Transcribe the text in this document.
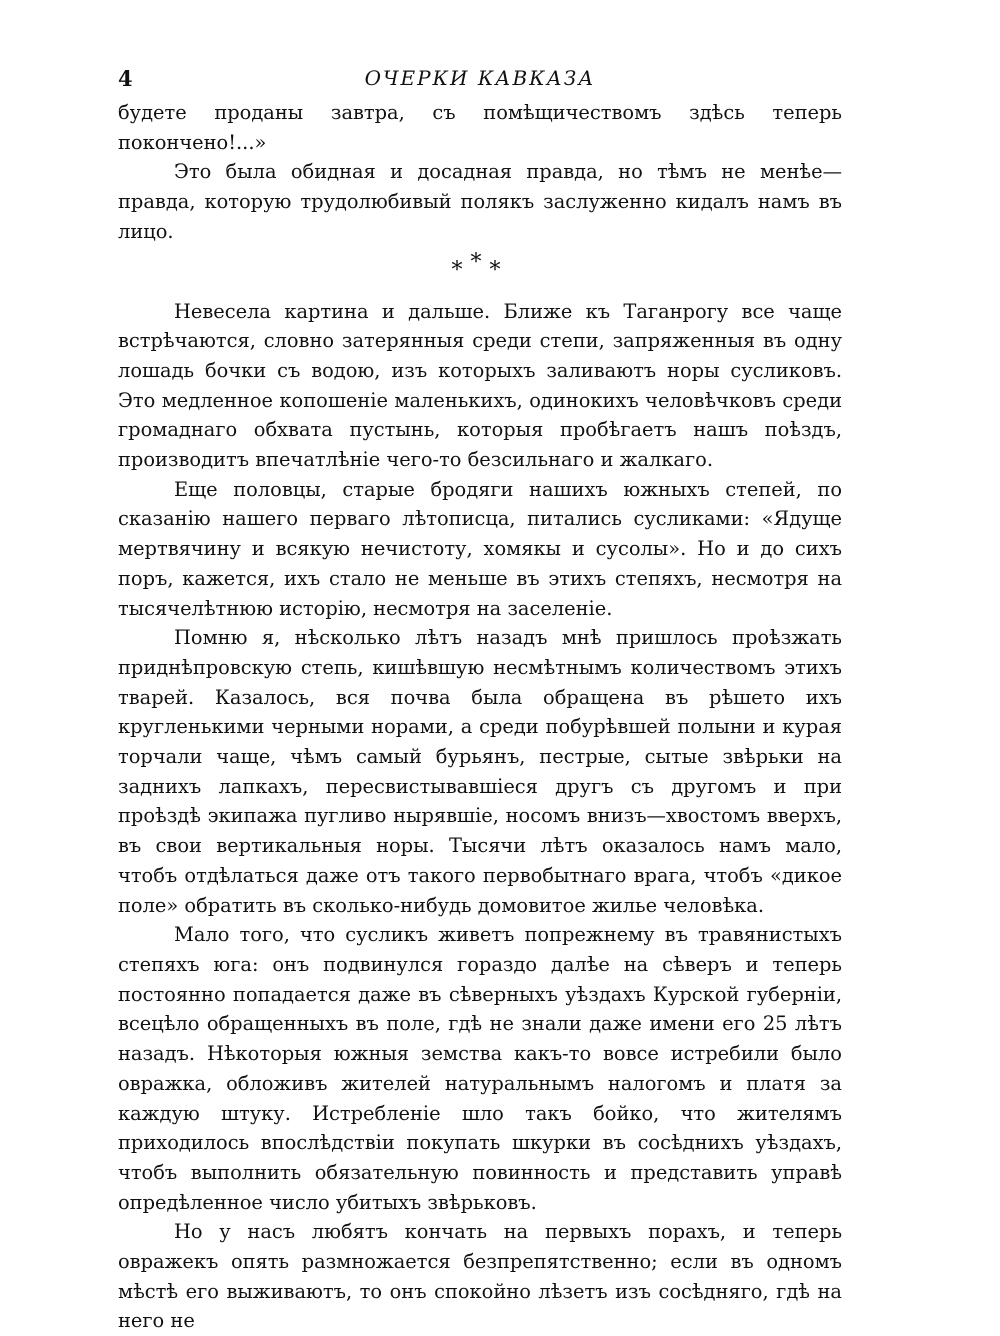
4	ОЧЕРКИ КАВКАЗА

будете проданы завтра, съ помѣщичествомъ здѣсь теперь покончено!...»

Это была обидная и досадная правда, но тѣмъ не менѣе—правда, которую трудолюбивый полякъ заслуженно кидалъ намъ въ лицо.

***

Невесела картина и дальше. Ближе къ Таганрогу все чаще встрѣчаются, словно затерянныя среди степи, запряженныя въ одну лошадь бочки съ водою, изъ которыхъ заливаютъ норы сусликовъ. Это медленное копошеніе маленькихъ, одинокихъ человѣчковъ среди громаднаго обхвата пустынь, которыя пробѣгаетъ нашъ поѣздъ, производитъ впечатлѣніе чего-то безсильнаго и жалкаго.

Еще половцы, старые бродяги нашихъ южныхъ степей, по сказанію нашего перваго лѣтописца, питались сусликами: «Ядуще мертвячину и всякую нечистоту, хомякы и сусолы». Но и до сихъ поръ, кажется, ихъ стало не меньше въ этихъ степяхъ, несмотря на тысячелѣтнюю исторію, несмотря на заселеніе.

Помню я, нѣсколько лѣтъ назадъ мнѣ пришлось проѣзжать приднѣпровскую степь, кишѣвшую несмѣтнымъ количествомъ этихъ тварей. Казалось, вся почва была обращена въ рѣшето ихъ кругленькими черными норами, а среди побурѣвшей полыни и курая торчали чаще, чѣмъ самый бурьянъ, пестрые, сытые звѣрьки на заднихъ лапкахъ, пересвистывавшіеся другъ съ другомъ и при проѣздѣ экипажа пугливо нырявшіе, носомъ внизъ—хвостомъ вверхъ, въ свои вертикальныя норы. Тысячи лѣтъ оказалось намъ мало, чтобъ отдѣлаться даже отъ такого первобытнаго врага, чтобъ «дикое поле» обратить въ сколько-нибудь домовитое жилье человѣка.

Мало того, что сусликъ живетъ попрежнему въ травянистыхъ степяхъ юга: онъ подвинулся гораздо далѣе на сѣверъ и теперь постоянно попадается даже въ сѣверныхъ уѣздахъ Курской губерніи, всецѣло обращенныхъ въ поле, гдѣ не знали даже имени его 25 лѣтъ назадъ. Нѣкоторыя южныя земства какъ-то вовсе истребили было овражка, обложивъ жителей натуральнымъ налогомъ и платя за каждую штуку. Истребленіе шло такъ бойко, что жителямъ приходилось впослѣдствіи покупать шкурки въ сосѣднихъ уѣздахъ, чтобъ выполнить обязательную повинность и представить управѣ опредѣленное число убитыхъ звѣрьковъ.

Но у насъ любятъ кончать на первыхъ порахъ, и теперь овражекъ опять размножается безпрепятственно; если въ одномъ мѣстѣ его выживаютъ, то онъ спокойно лѣзетъ изъ сосѣдняго, гдѣ на него не
